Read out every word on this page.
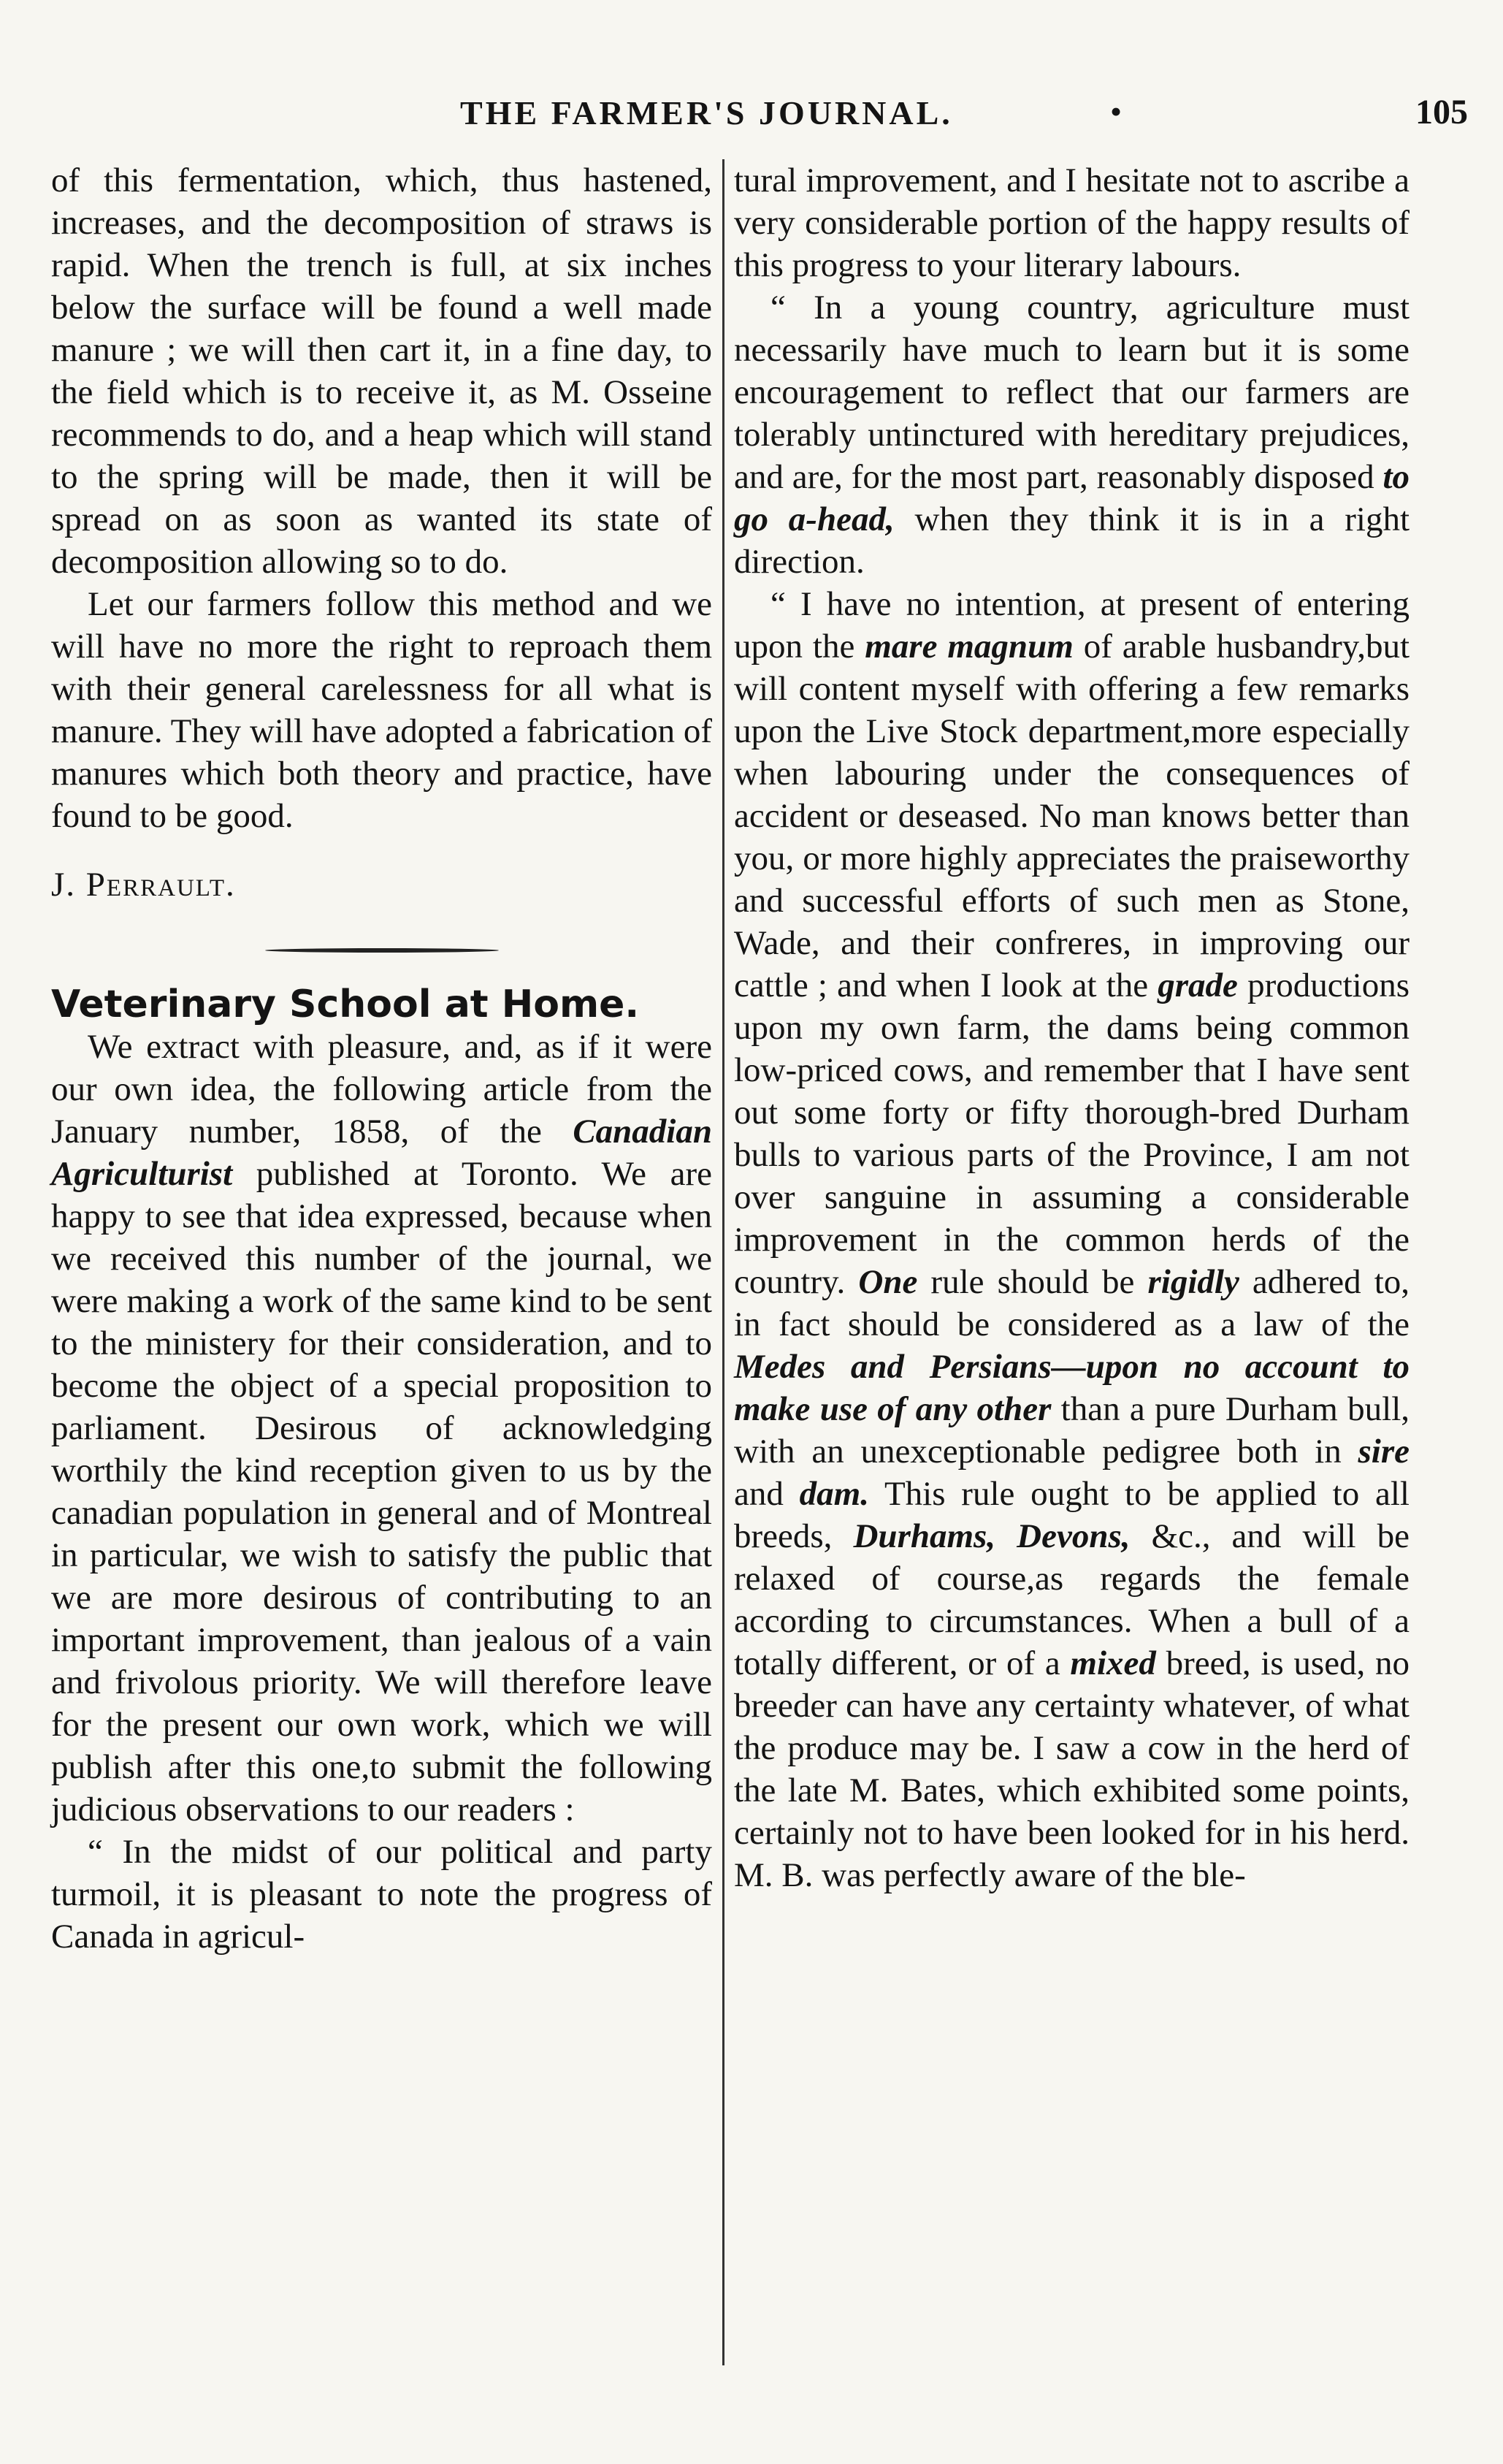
THE FARMER'S JOURNAL.	•	105

of this fermentation, which, thus hastened, increases, and the decomposition of straws is rapid. When the trench is full, at six inches below the surface will be found a well made manure ; we will then cart it, in a fine day, to the field which is to receive it, as M. Osseine recommends to do, and a heap which will stand to the spring will be made, then it will be spread on as soon as wanted its state of decomposition allowing so to do.

Let our farmers follow this method and we will have no more the right to reproach them with their general carelessness for all what is manure. They will have adopted a fabrication of manures which both theory and practice, have found to be good.

J. Perrault.

Veterinary School at Home.

We extract with pleasure, and, as if it were our own idea, the following article from the January number, 1858, of the Canadian Agriculturist published at Toronto. We are happy to see that idea expressed, because when we received this number of the journal, we were making a work of the same kind to be sent to the ministery for their consideration, and to become the object of a special proposition to parliament. Desirous of acknowledging worthily the kind reception given to us by the canadian population in general and of Montreal in particular, we wish to satisfy the public that we are more desirous of contributing to an important improvement, than jealous of a vain and frivolous priority. We will therefore leave for the present our own work, which we will publish after this one,to submit the following judicious observations to our readers :

“ In the midst of our political and party turmoil, it is pleasant to note the progress of Canada in agricul-

tural improvement, and I hesitate not to ascribe a very considerable portion of the happy results of this progress to your literary labours.

“ In a young country, agriculture must necessarily have much to learn but it is some encouragement to reflect that our farmers are tolerably untinctured with hereditary prejudices, and are, for the most part, reasonably disposed to go a-head, when they think it is in a right direction.

“ I have no intention, at present of entering upon the mare magnum of arable husbandry,but will content myself with offering a few remarks upon the Live Stock department,more especially when labouring under the consequences of accident or deseased. No man knows better than you, or more highly appreciates the praiseworthy and successful efforts of such men as Stone, Wade, and their confreres, in improving our cattle ; and when I look at the grade productions upon my own farm, the dams being common low-priced cows, and remember that I have sent out some forty or fifty thorough-bred Durham bulls to various parts of the Province, I am not over sanguine in assuming a considerable improvement in the common herds of the country. One rule should be rigidly adhered to, in fact should be considered as a law of the Medes and Persians—upon no account to make use of any other than a pure Durham bull, with an unexceptionable pedigree both in sire and dam. This rule ought to be applied to all breeds, Durhams, Devons, &c., and will be relaxed of course,as regards the female according to circumstances. When a bull of a totally different, or of a mixed breed, is used, no breeder can have any certainty whatever, of what the produce may be. I saw a cow in the herd of the late M. Bates, which exhibited some points, certainly not to have been looked for in his herd. M. B. was perfectly aware of the ble-
